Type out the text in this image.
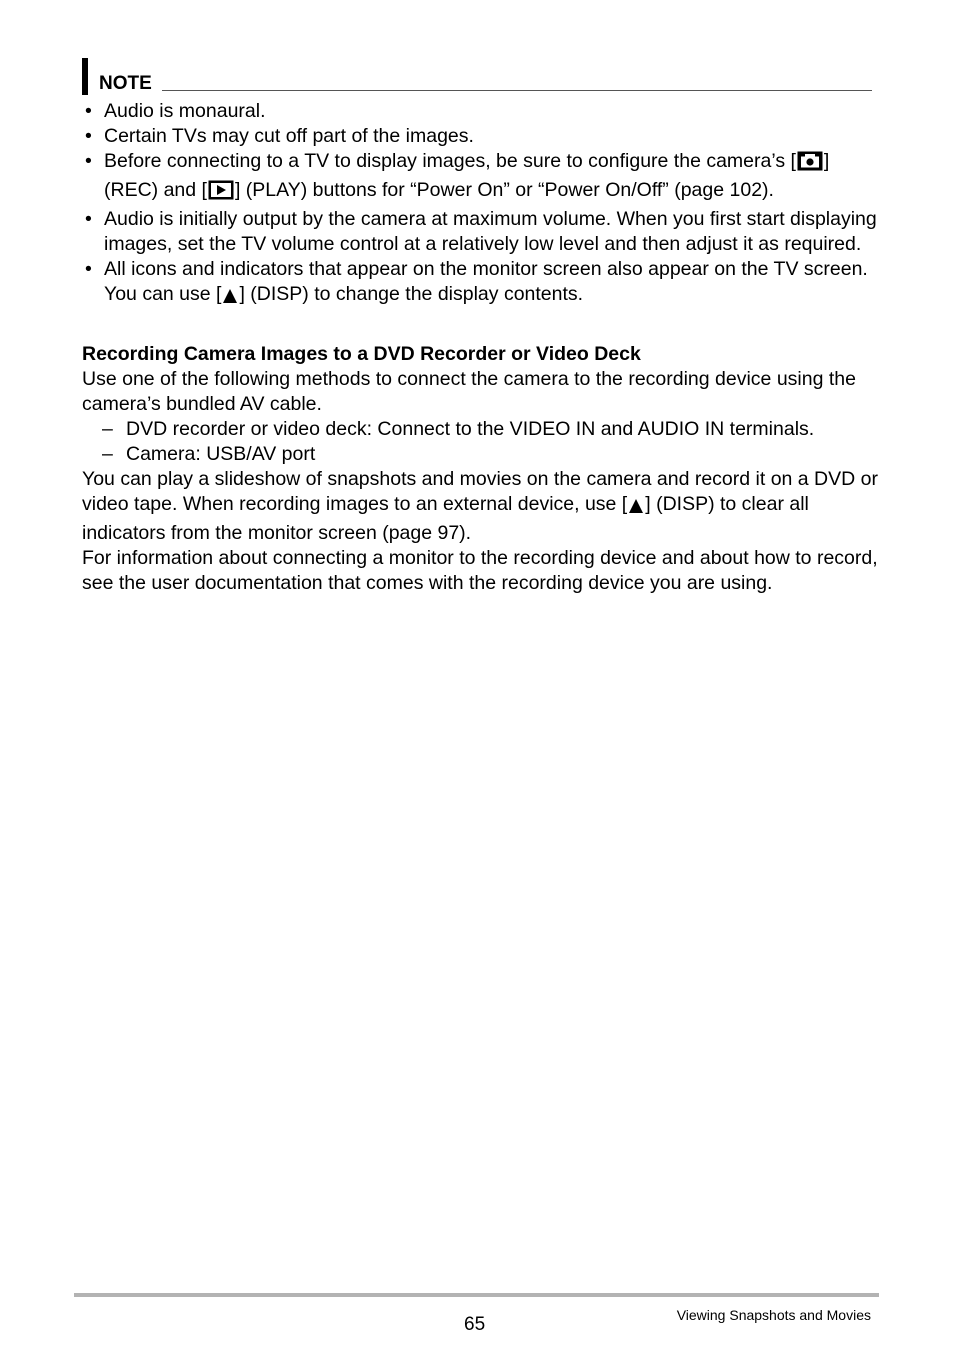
NOTE
• Audio is monaural.
• Certain TVs may cut off part of the images.
• Before connecting to a TV to display images, be sure to configure the camera’s [ ] (REC) and [ ] (PLAY) buttons for “Power On” or “Power On/Off” (page 102).
• Audio is initially output by the camera at maximum volume. When you first start displaying images, set the TV volume control at a relatively low level and then adjust it as required.
• All icons and indicators that appear on the monitor screen also appear on the TV screen. You can use [ ] (DISP) to change the display contents.
Recording Camera Images to a DVD Recorder or Video Deck

Use one of the following methods to connect the camera to the recording device using the camera’s bundled AV cable.

– DVD recorder or video deck: Connect to the VIDEO IN and AUDIO IN terminals.
– Camera: USB/AV port

You can play a slideshow of snapshots and movies on the camera and record it on a DVD or video tape. When recording images to an external device, use [ ] (DISP) to clear all indicators from the monitor screen (page 97).

For information about connecting a monitor to the recording device and about how to record, see the user documentation that comes with the recording device you are using.

65	Viewing Snapshots and Movies
